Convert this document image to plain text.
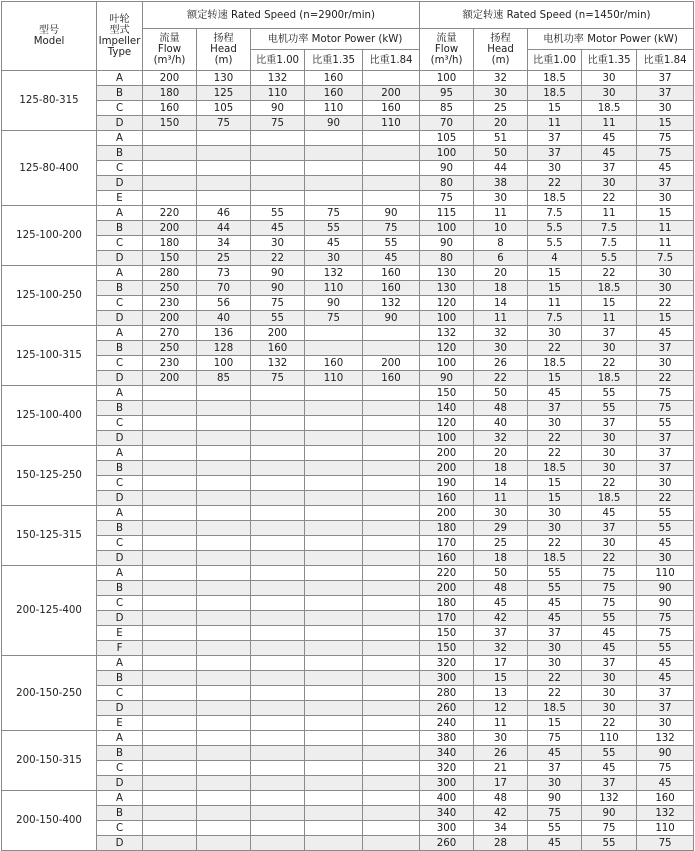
型号
Model	叶轮
型式
Impeller
Type	额定转速 Rated Speed (n=2900r/min)					额定转速 Rated Speed (n=1450r/min)				

		流量
Flow
(m³/h)	扬程
Head
(m)	电机功率 Motor Power (kW)			流量
Flow
(m³/h)	扬程
Head
(m)	电机功率 Motor Power (kW)		
				比重1.00	比重1.35	比重1.84			比重1.00	比重1.35	比重1.84
125-80-315	A	200	130	132	160		100	32	18.5	30	37
	B	180	125	110	160	200	95	30	18.5	30	37
	C	160	105	90	110	160	85	25	15	18.5	30
	D	150	75	75	90	110	70	20	11	11	15
125-80-400	A						105	51	37	45	75
	B						100	50	37	45	75
	C						90	44	30	37	45
	D						80	38	22	30	37
	E						75	30	18.5	22	30
125-100-200	A	220	46	55	75	90	115	11	7.5	11	15
	B	200	44	45	55	75	100	10	5.5	7.5	11
	C	180	34	30	45	55	90	8	5.5	7.5	11
	D	150	25	22	30	45	80	6	4	5.5	7.5
125-100-250	A	280	73	90	132	160	130	20	15	22	30
	B	250	70	90	110	160	130	18	15	18.5	30
	C	230	56	75	90	132	120	14	11	15	22
	D	200	40	55	75	90	100	11	7.5	11	15
125-100-315	A	270	136	200			132	32	30	37	45
	B	250	128	160			120	30	22	30	37
	C	230	100	132	160	200	100	26	18.5	22	30
	D	200	85	75	110	160	90	22	15	18.5	22
125-100-400	A						150	50	45	55	75
	B						140	48	37	55	75
	C						120	40	30	37	55
	D						100	32	22	30	37
150-125-250	A						200	20	22	30	37
	B						200	18	18.5	30	37
	C						190	14	15	22	30
	D						160	11	15	18.5	22
150-125-315	A						200	30	30	45	55
	B						180	29	30	37	55
	C						170	25	22	30	45
	D						160	18	18.5	22	30
200-125-400	A						220	50	55	75	110
	B						200	48	55	75	90
	C						180	45	45	75	90
	D						170	42	45	55	75
	E						150	37	37	45	75
	F						150	32	30	45	55
200-150-250	A						320	17	30	37	45
	B						300	15	22	30	45
	C						280	13	22	30	37
	D						260	12	18.5	30	37
	E						240	11	15	22	30
200-150-315	A						380	30	75	110	132
	B						340	26	45	55	90
	C						320	21	37	45	75
	D						300	17	30	37	45
200-150-400	A						400	48	90	132	160
	B						340	42	75	90	132
	C						300	34	55	75	110
	D						260	28	45	55	75
